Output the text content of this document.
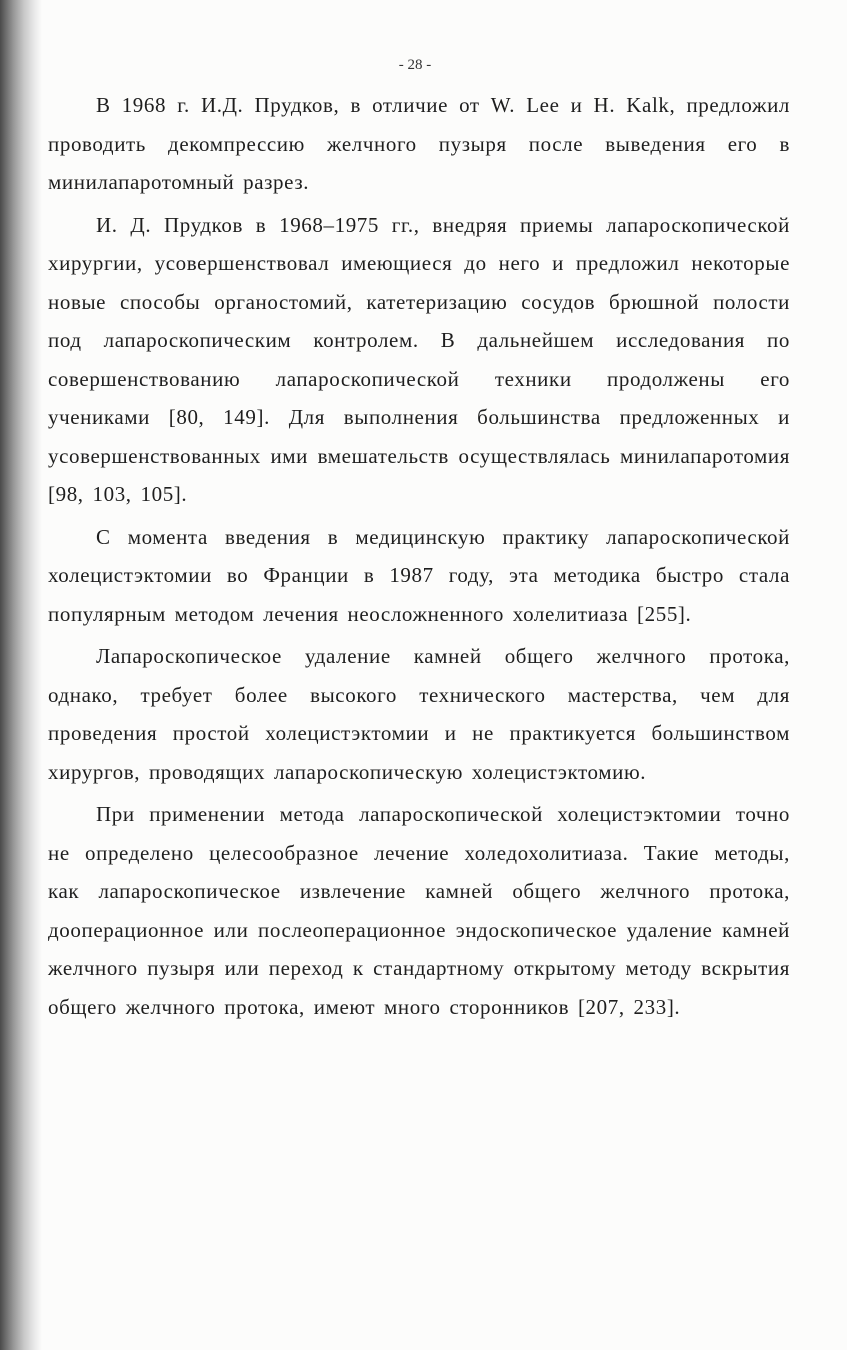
- 28 -

В 1968 г. И.Д. Прудков, в отличие от W. Lee и H. Kalk, предложил проводить декомпрессию желчного пузыря после выведения его в минилапаротомный разрез.

И. Д. Прудков в 1968–1975 гг., внедряя приемы лапароскопической хирургии, усовершенствовал имеющиеся до него и предложил некоторые новые способы органостомий, катетеризацию сосудов брюшной полости под лапароскопическим контролем. В дальнейшем исследования по совершенствованию лапароскопической техники продолжены его учениками [80, 149]. Для выполнения большинства предложенных и усовершенствованных ими вмешательств осуществлялась минилапаротомия [98, 103, 105].

С момента введения в медицинскую практику лапароскопической холецистэктомии во Франции в 1987 году, эта методика быстро стала популярным методом лечения неосложненного холелитиаза [255].

Лапароскопическое удаление камней общего желчного протока, однако, требует более высокого технического мастерства, чем для проведения простой холецистэктомии и не практикуется большинством хирургов, проводящих лапароскопическую холецистэктомию.

При применении метода лапароскопической холецистэктомии точно не определено целесообразное лечение холедохолитиаза. Такие методы, как лапароскопическое извлечение камней общего желчного протока, дооперационное или послеоперационное эндоскопическое удаление камней желчного пузыря или переход к стандартному открытому методу вскрытия общего желчного протока, имеют много сторонников [207, 233].
